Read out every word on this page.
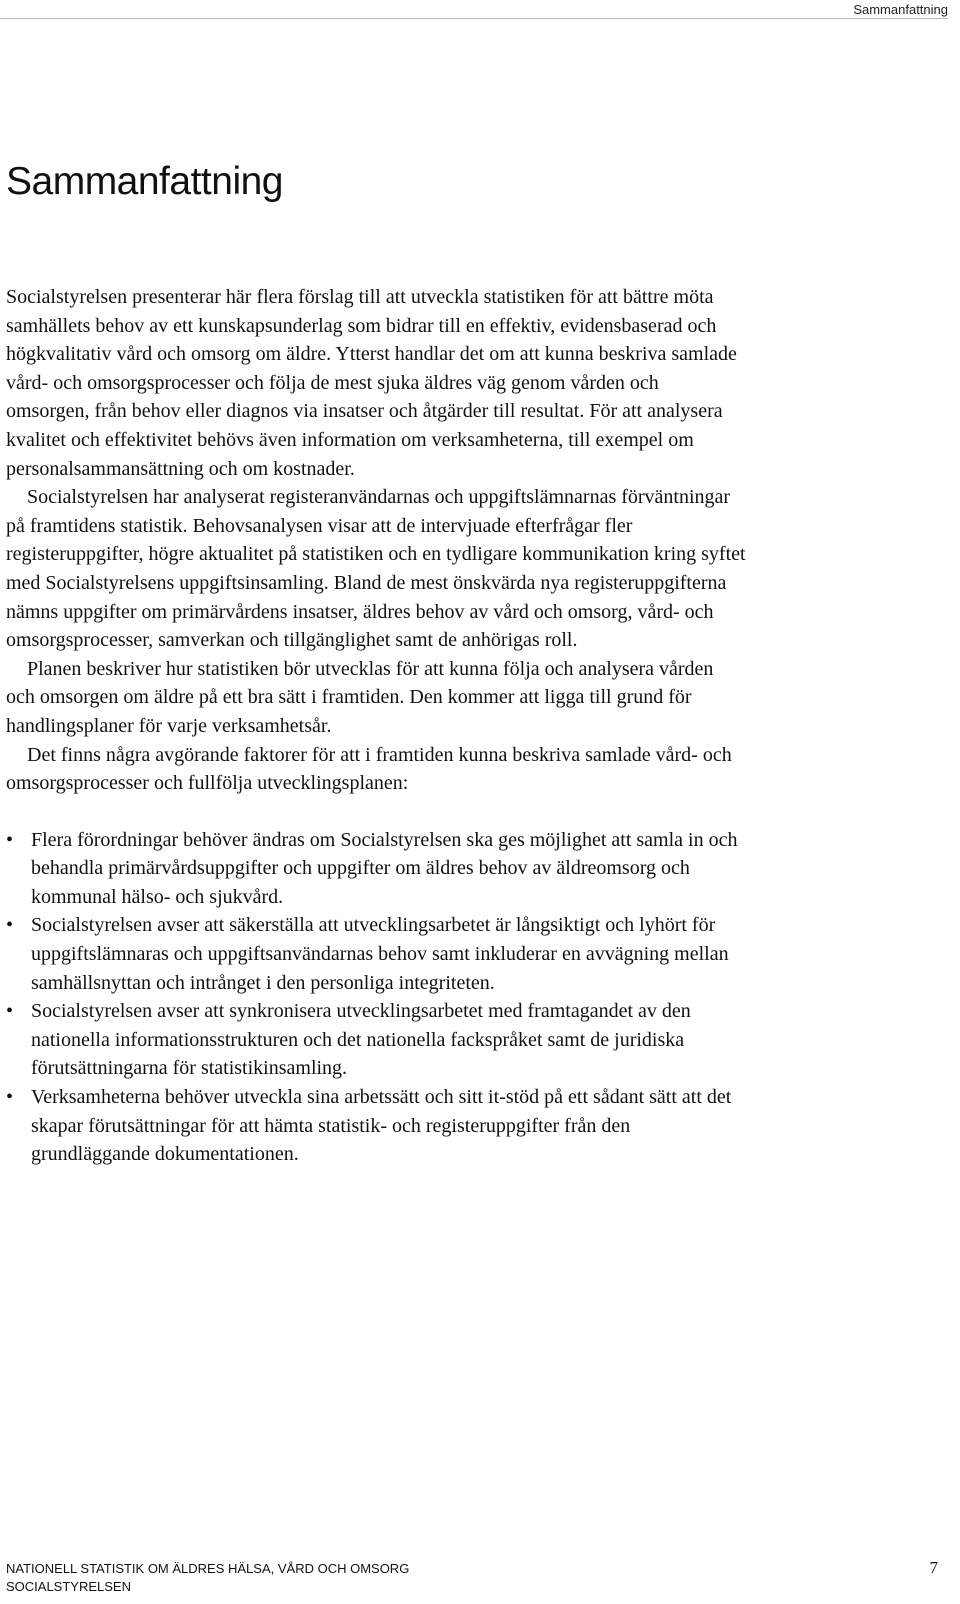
Sammanfattning
Sammanfattning

Socialstyrelsen presenterar här flera förslag till att utveckla statistiken för att bättre möta samhällets behov av ett kunskapsunderlag som bidrar till en effektiv, evidensbaserad och högkvalitativ vård och omsorg om äldre. Ytterst handlar det om att kunna beskriva samlade vård- och omsorgsprocesser och följa de mest sjuka äldres väg genom vården och omsorgen, från behov eller diagnos via insatser och åtgärder till resultat. För att analysera kvalitet och effektivitet behövs även information om verksamheterna, till exempel om personalsammansättning och om kostnader.

Socialstyrelsen har analyserat registeranvändarnas och uppgiftslämnarnas förväntningar på framtidens statistik. Behovsanalysen visar att de intervjuade efterfrågar fler registeruppgifter, högre aktualitet på statistiken och en tydligare kommunikation kring syftet med Socialstyrelsens uppgiftsinsamling. Bland de mest önskvärda nya registeruppgifterna nämns uppgifter om primärvårdens insatser, äldres behov av vård och omsorg, vård- och omsorgsprocesser, samverkan och tillgänglighet samt de anhörigas roll.

Planen beskriver hur statistiken bör utvecklas för att kunna följa och analysera vården och omsorgen om äldre på ett bra sätt i framtiden. Den kommer att ligga till grund för handlingsplaner för varje verksamhetsår.

Det finns några avgörande faktorer för att i framtiden kunna beskriva samlade vård- och omsorgsprocesser och fullfölja utvecklingsplanen:

• Flera förordningar behöver ändras om Socialstyrelsen ska ges möjlighet att samla in och behandla primärvårdsuppgifter och uppgifter om äldres behov av äldreomsorg och kommunal hälso- och sjukvård.
• Socialstyrelsen avser att säkerställa att utvecklingsarbetet är långsiktigt och lyhört för uppgiftslämnaras och uppgiftsanvändarnas behov samt inkluderar en avvägning mellan samhällsnyttan och intrånget i den personliga integriteten.
• Socialstyrelsen avser att synkronisera utvecklingsarbetet med framtagandet av den nationella informationsstrukturen och det nationella fackspråket samt de juridiska förutsättningarna för statistikinsamling.
• Verksamheterna behöver utveckla sina arbetssätt och sitt it-stöd på ett sådant sätt att det skapar förutsättningar för att hämta statistik- och registeruppgifter från den grundläggande dokumentationen.
NATIONELL STATISTIK OM ÄLDRES HÄLSA, VÅRD OCH OMSORG
SOCIALSTYRELSEN
7
